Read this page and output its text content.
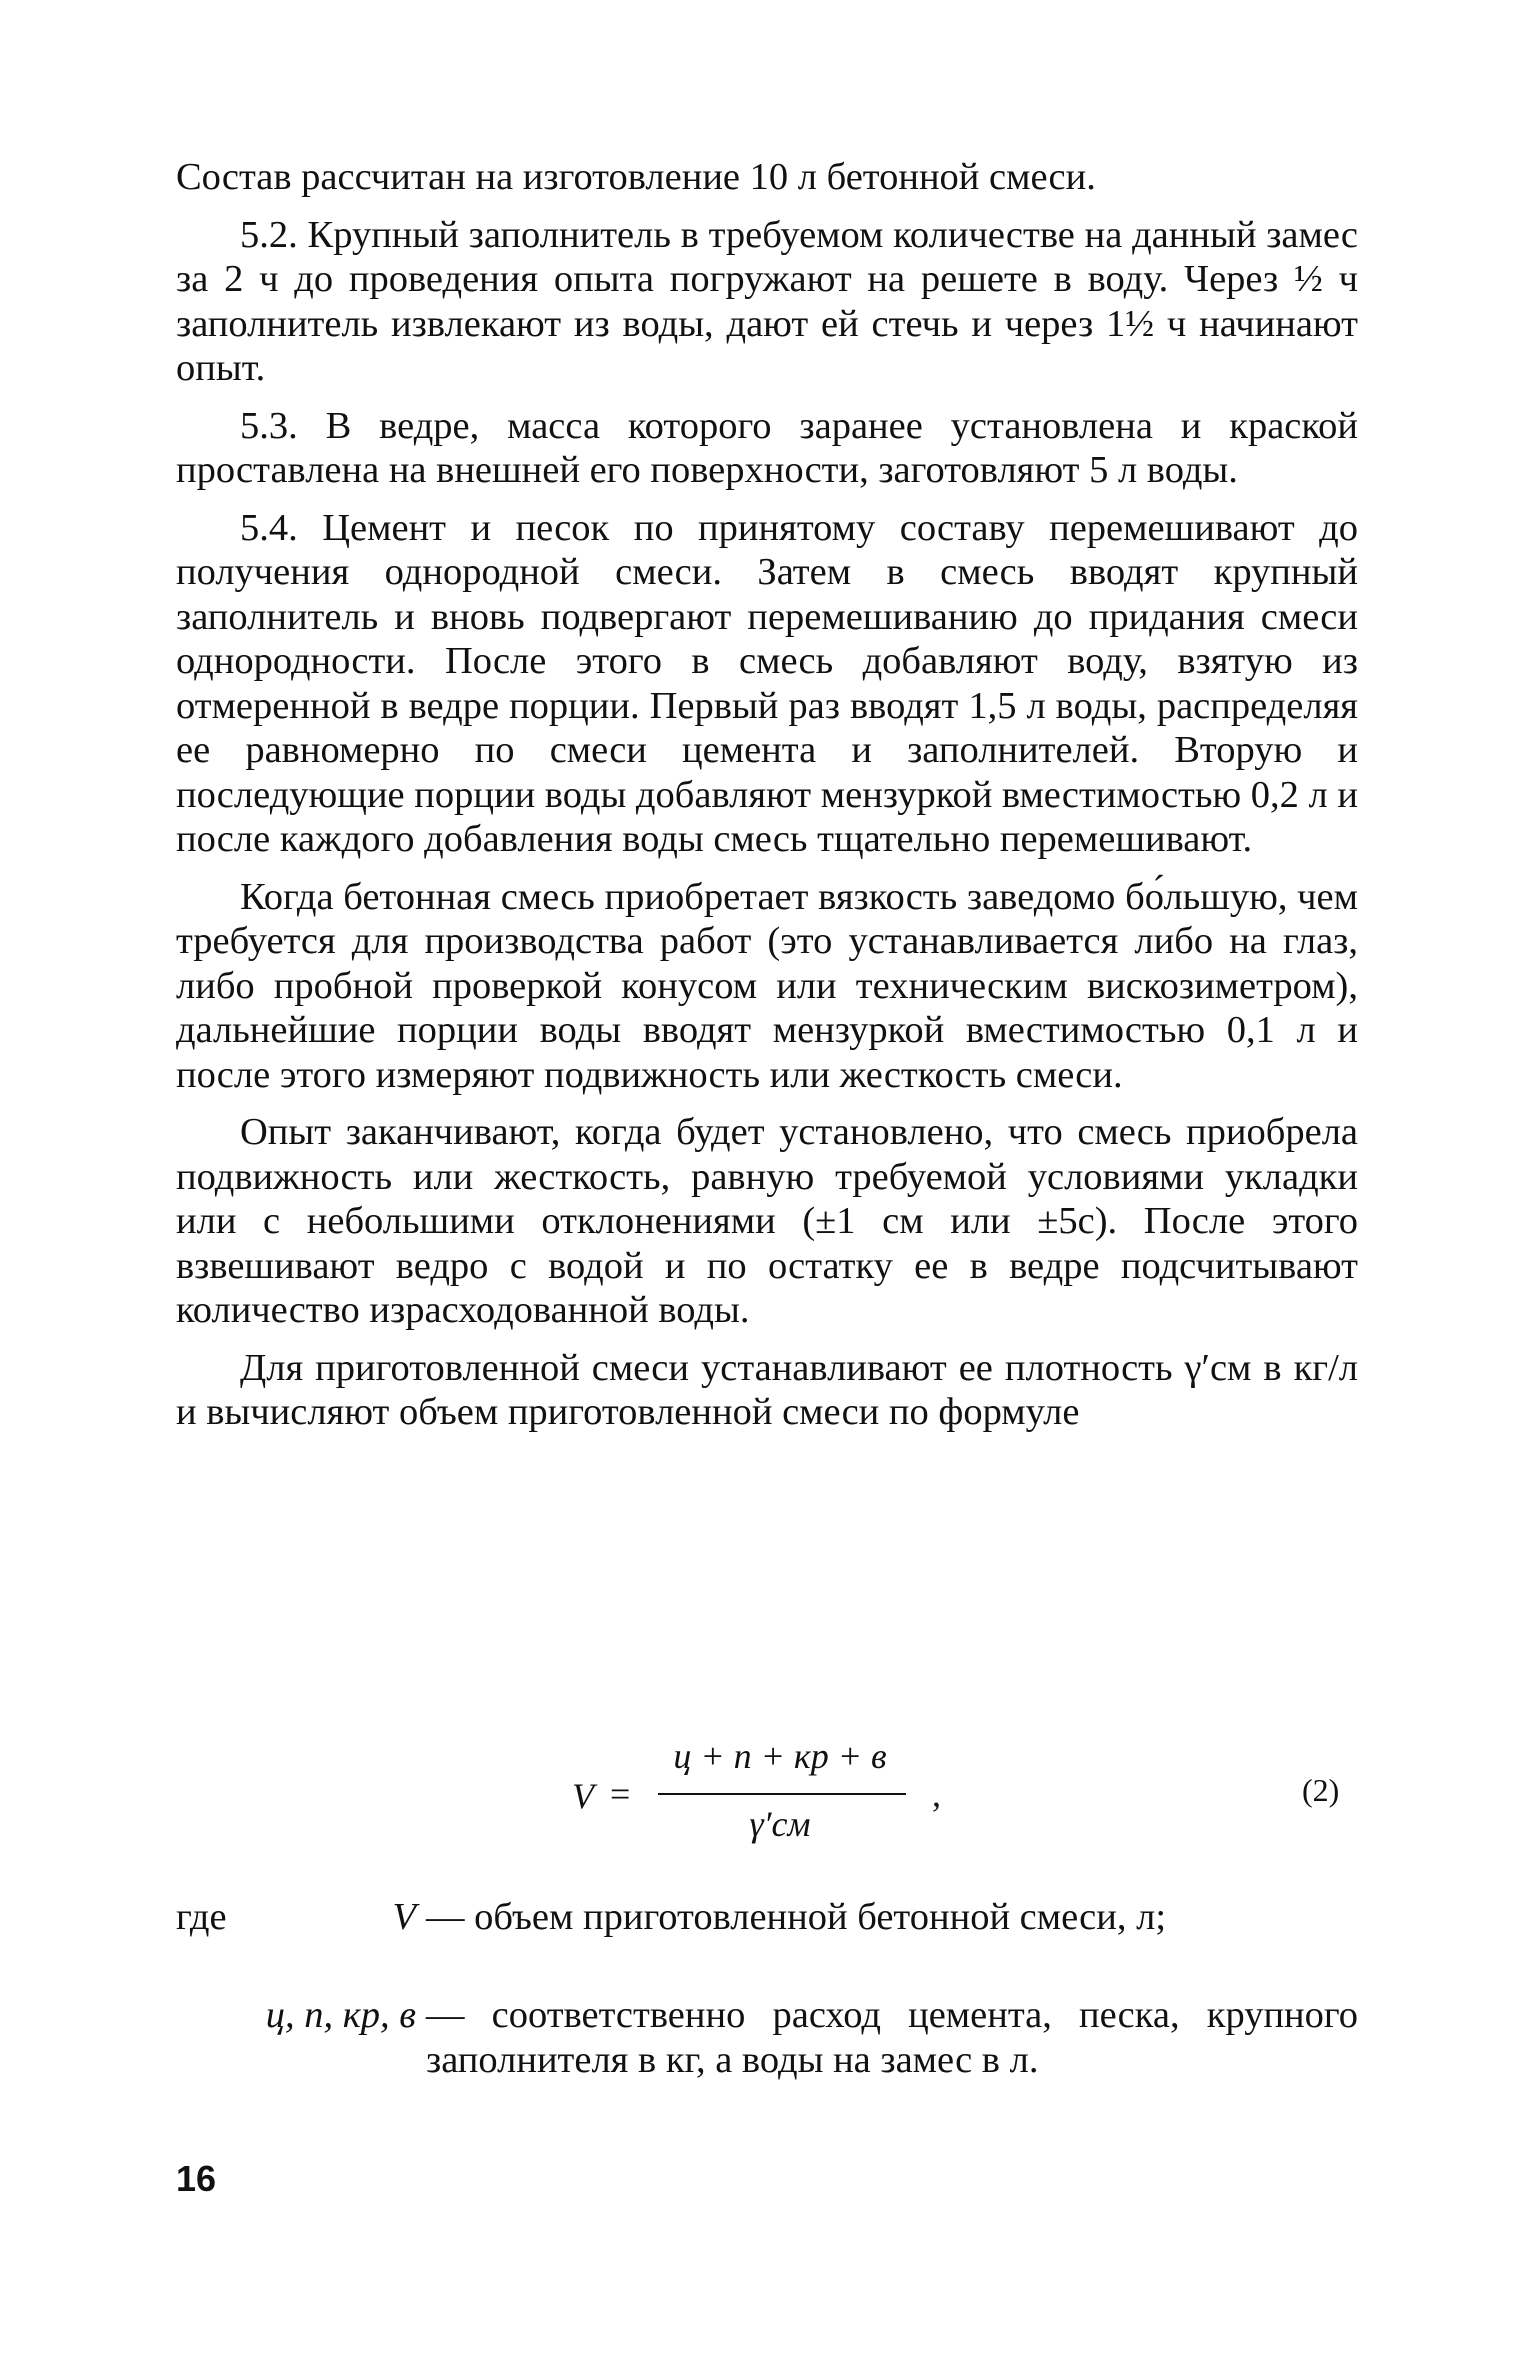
Состав рассчитан на изготовление 10 л бетонной смеси.

5.2. Крупный заполнитель в требуемом количестве на данный замес за 2 ч до проведения опыта погружают на решете в воду. Через ½ ч заполнитель извлекают из воды, дают ей стечь и через 1½ ч начинают опыт.

5.3. В ведре, масса которого заранее установлена и краской проставлена на внешней его поверхности, заготовляют 5 л воды.

5.4. Цемент и песок по принятому составу перемешивают до получения однородной смеси. Затем в смесь вводят крупный заполнитель и вновь подвергают перемешиванию до придания смеси однородности. После этого в смесь добавляют воду, взятую из отмеренной в ведре порции. Первый раз вводят 1,5 л воды, распределяя ее равномерно по смеси цемента и заполнителей. Вторую и последующие порции воды добавляют мензуркой вместимостью 0,2 л и после каждого добавления воды смесь тщательно перемешивают.

Когда бетонная смесь приобретает вязкость заведомо бо́льшую, чем требуется для производства работ (это устанавливается либо на глаз, либо пробной проверкой конусом или техническим вискозиметром), дальнейшие порции воды вводят мензуркой вместимостью 0,1 л и после этого измеряют подвижность или жесткость смеси.

Опыт заканчивают, когда будет установлено, что смесь приобрела подвижность или жесткость, равную требуемой условиями укладки или с небольшими отклонениями (±1 см или ±5с). После этого взвешивают ведро с водой и по остатку ее в ведре подсчитывают количество израсходованной воды.

Для приготовленной смеси устанавливают ее плотность γ′см в кг/л и вычисляют объем приготовленной смеси по формуле

V =
ц + п + кр + в
γ′см
,	(2)
где	V — объем приготовленной бетонной смеси, л;
ц, п, кр, в — соответственно расход цемента, песка, крупного заполнителя в кг, а воды на замес в л.
16
